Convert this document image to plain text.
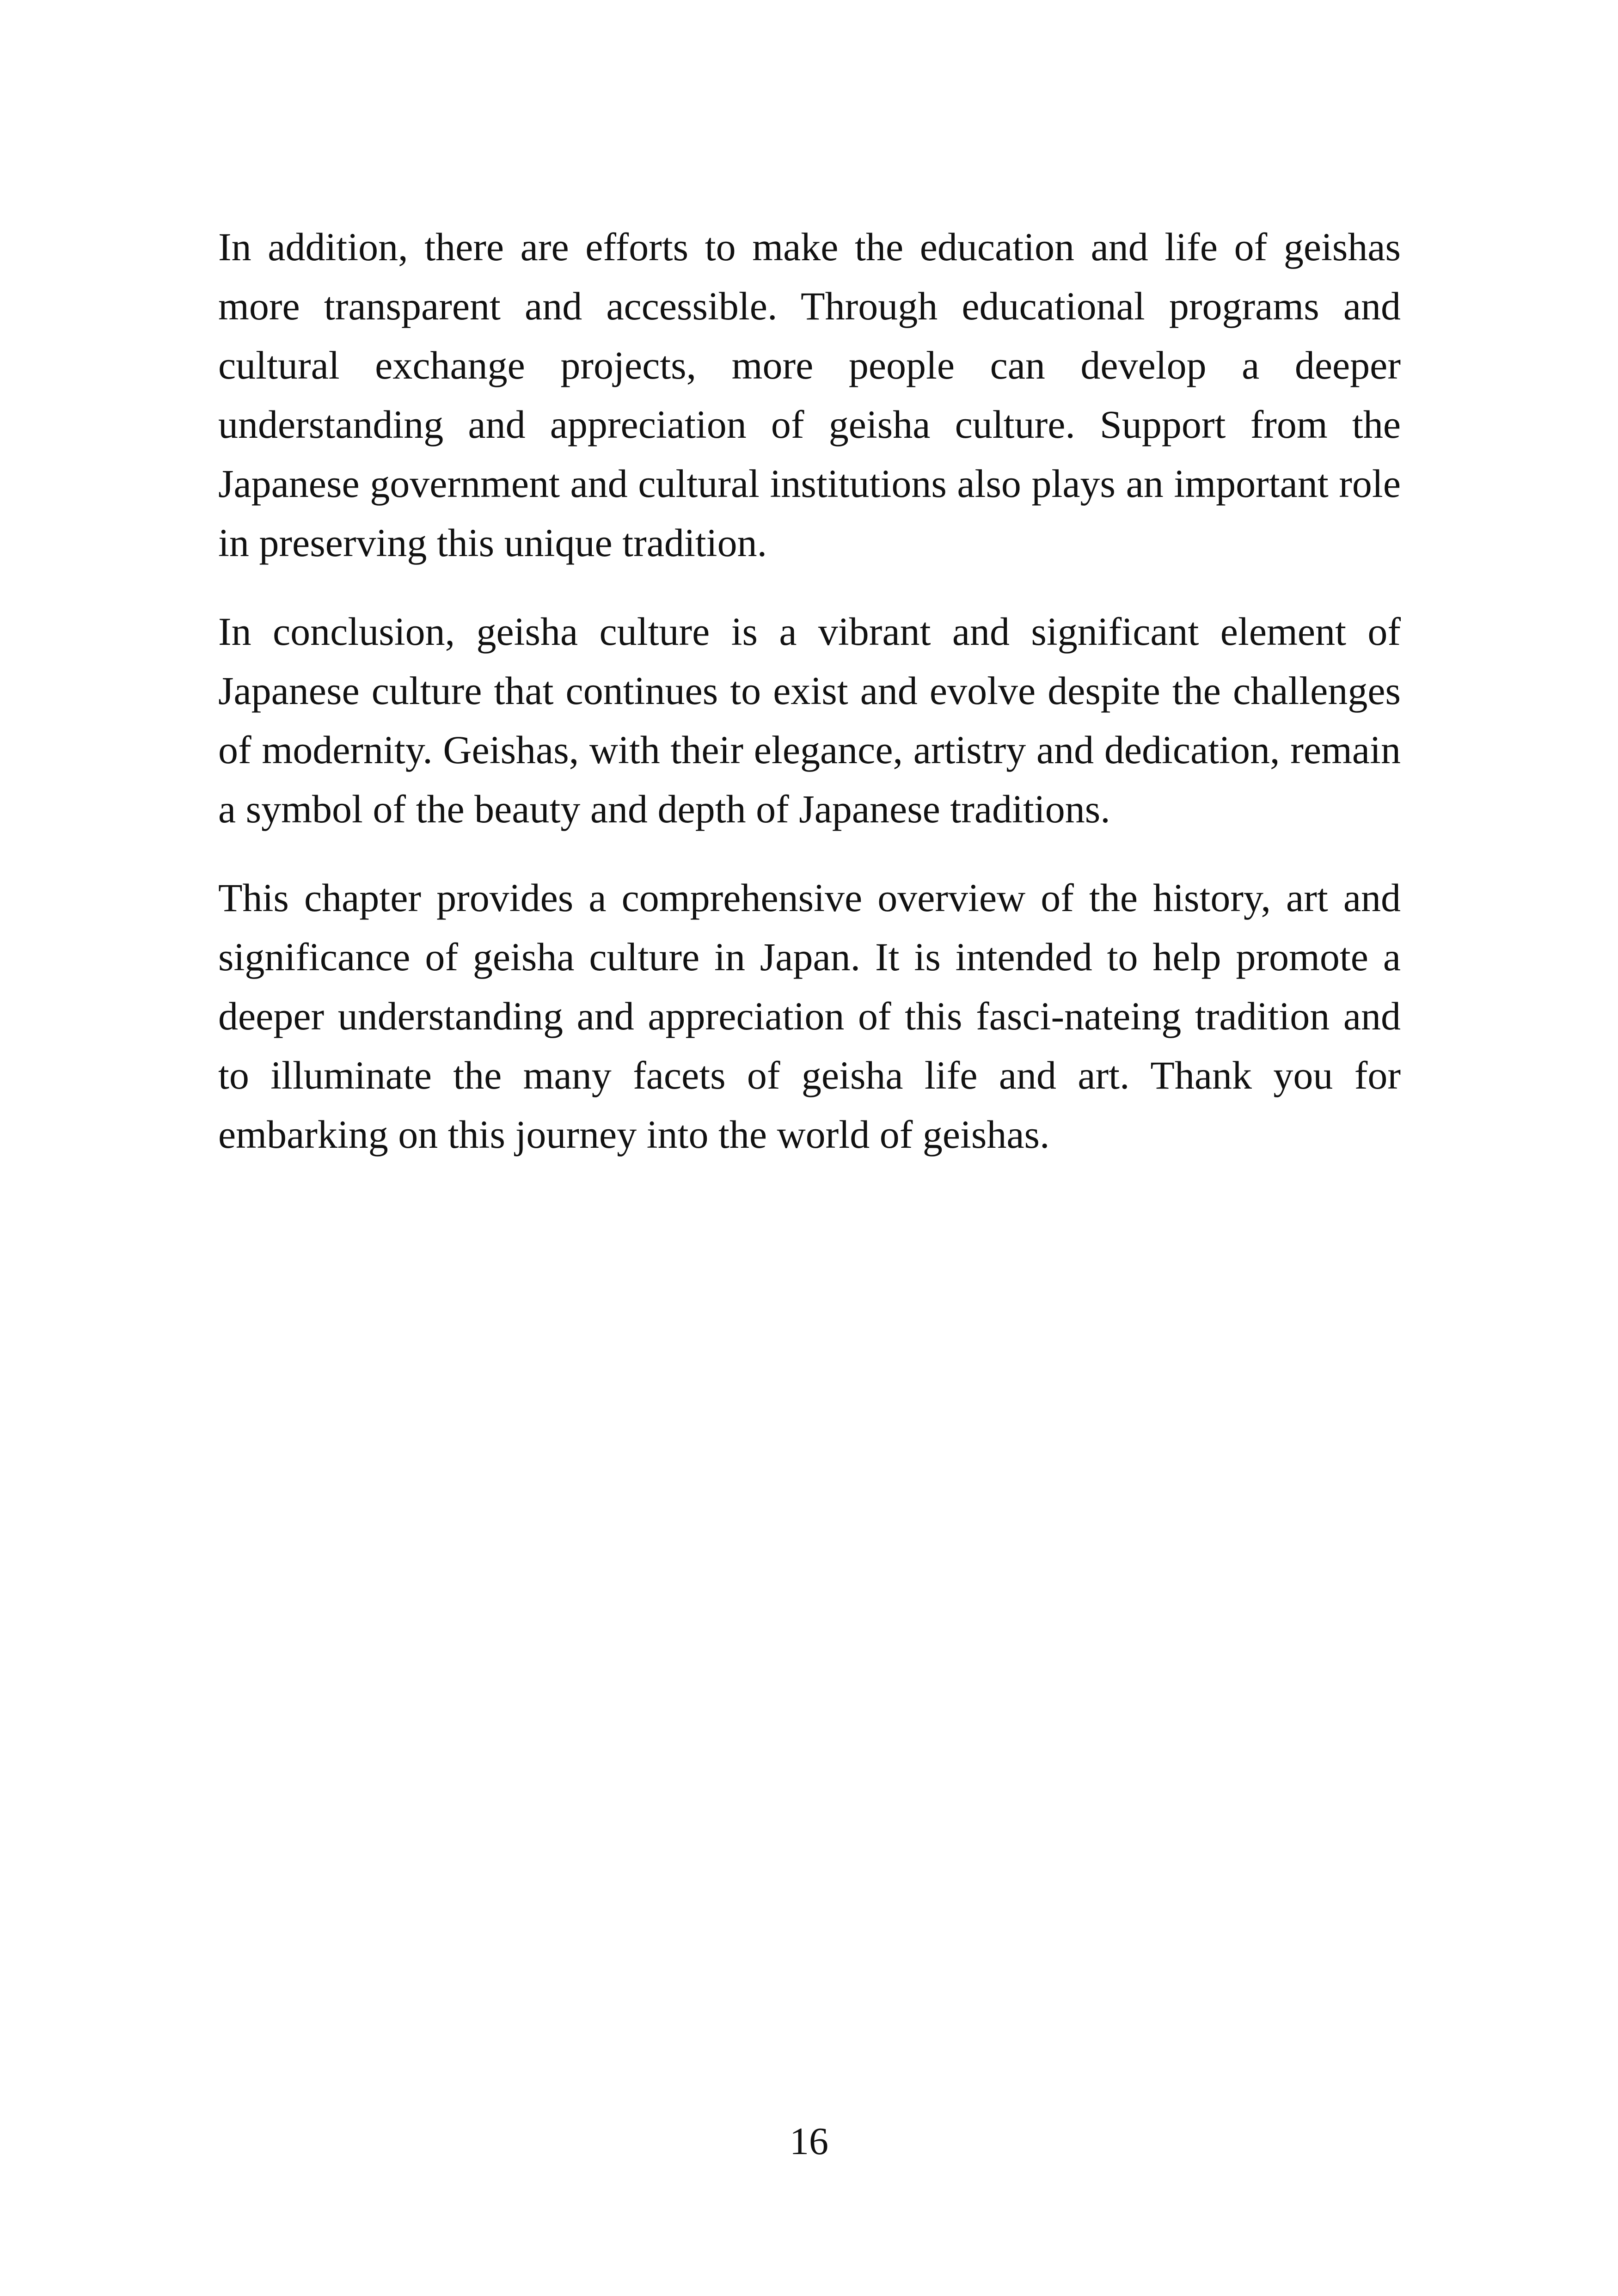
In addition, there are efforts to make the education and life of geishas more transparent and accessible. Through educational programs and cultural exchange projects, more people can develop a deeper understanding and appreciation of geisha culture. Support from the Japanese government and cultural institutions also plays an important role in preserving this unique tradition.

In conclusion, geisha culture is a vibrant and significant element of Japanese culture that continues to exist and evolve despite the challenges of modernity. Geishas, with their elegance, artistry and dedication, remain a symbol of the beauty and depth of Japanese traditions.

This chapter provides a comprehensive overview of the history, art and significance of geisha culture in Japan. It is intended to help promote a deeper understanding and appreciation of this fasci-nateing tradition and to illuminate the many facets of geisha life and art. Thank you for embarking on this journey into the world of geishas.

16
